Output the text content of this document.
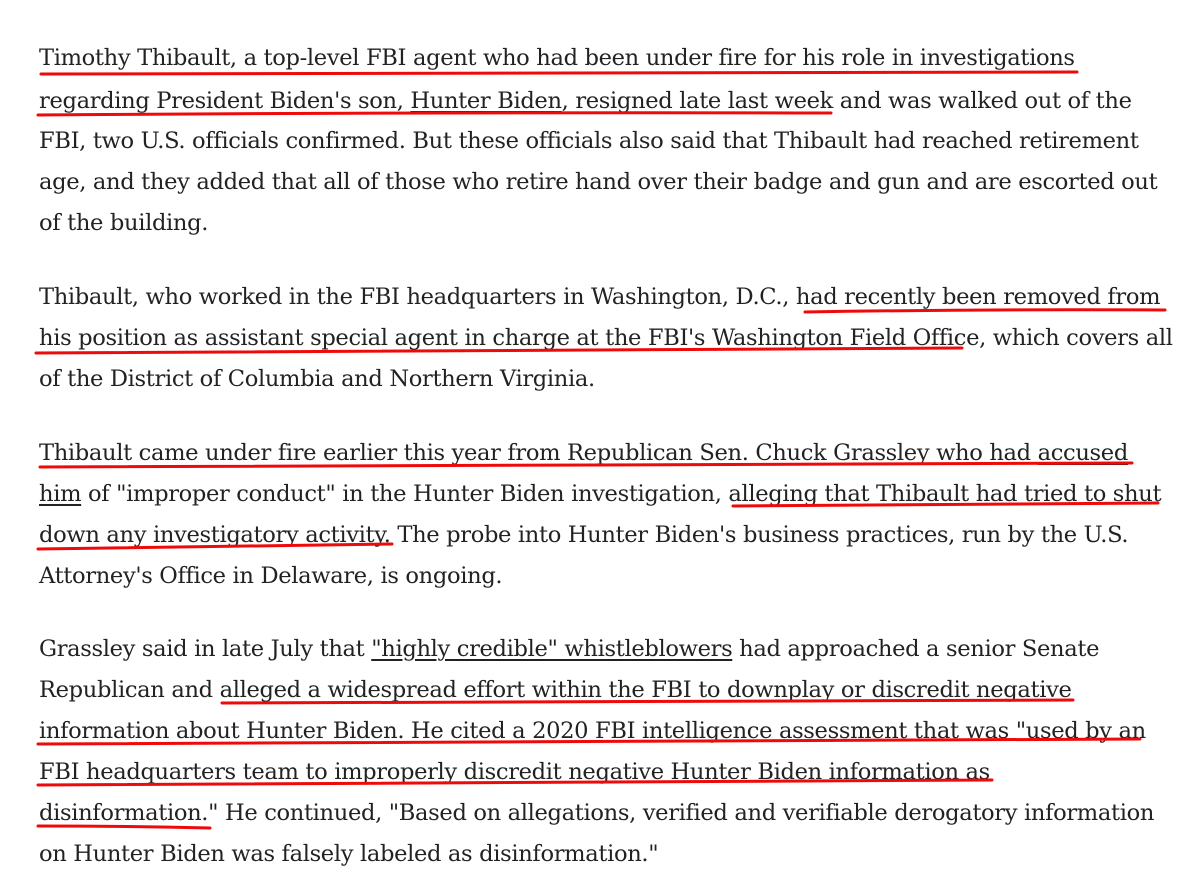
Timothy Thibault, a top-level FBI agent who had been under fire for his role in investigations

regarding President Biden's son, Hunter Biden, resigned late last week and was walked out of the

FBI, two U.S. officials confirmed. But these officials also said that Thibault had reached retirement

age, and they added that all of those who retire hand over their badge and gun and are escorted out

of the building.

Thibault, who worked in the FBI headquarters in Washington, D.C., had recently been removed from

his position as assistant special agent in charge at the FBI's Washington Field Office, which covers all

of the District of Columbia and Northern Virginia.

Thibault came under fire earlier this year from Republican Sen. Chuck Grassley who had accused

him of "improper conduct" in the Hunter Biden investigation, alleging that Thibault had tried to shut

down any investigatory activity. The probe into Hunter Biden's business practices, run by the U.S.

Attorney's Office in Delaware, is ongoing.

Grassley said in late July that "highly credible" whistleblowers had approached a senior Senate

Republican and alleged a widespread effort within the FBI to downplay or discredit negative

information about Hunter Biden. He cited a 2020 FBI intelligence assessment that was "used by an

FBI headquarters team to improperly discredit negative Hunter Biden information as

disinformation." He continued, "Based on allegations, verified and verifiable derogatory information

on Hunter Biden was falsely labeled as disinformation."
